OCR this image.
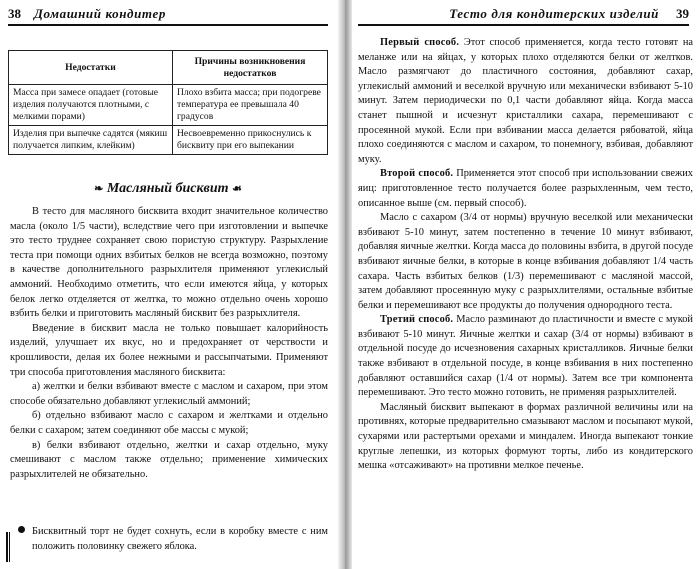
38 Домашний кондитер
Недостатки	Причины возникновения недостатков
Масса при замесе опадает (готовые изделия получаются плотными, с мелкими порами)	Плохо взбита масса; при подогреве температура ее превышала 40 градусов
Изделия при выпечке садятся (мякиш получается липким, клейким)	Несвоевременно прикоснулись к бисквиту при его выпекании
❧ Масляный бисквит ☙

В тесто для масляного бисквита входит значительное количество масла (около 1/5 части), вследствие чего при изготовлении и выпечке это тесто труднее сохраняет свою пористую структуру. Разрыхление теста при помощи одних взбитых белков не всегда возможно, поэтому в качестве дополнительного разрыхлителя применяют углекислый аммоний. Необходимо отметить, что если имеются яйца, у которых белок легко отделяется от желтка, то можно отдельно очень хорошо взбить белки и приготовить масляный бисквит без разрыхлителя.

Введение в бисквит масла не только повышает калорийность изделий, улучшает их вкус, но и предохраняет от черствости и крошливости, делая их более нежными и рассыпчатыми. Применяют три способа приготовления масляного бисквита:

а) желтки и белки взбивают вместе с маслом и сахаром, при этом способе обязательно добавляют углекислый аммоний;

б) отдельно взбивают масло с сахаром и желтками и отдельно белки с сахаром; затем соединяют обе массы с мукой;

в) белки взбивают отдельно, желтки и сахар отдельно, муку смешивают с маслом также отдельно; применение химических разрыхлителей не обязательно.

Бисквитный торт не будет сохнуть, если в коробку вместе с ним положить половинку свежего яблока.
Тесто для кондитерских изделий 39

Первый способ. Этот способ применяется, когда тесто готовят на меланже или на яйцах, у которых плохо отделяются белки от желтков. Масло размягчают до пластичного состояния, добавляют сахар, углекислый аммоний и веселкой вручную или механически взбивают 5-10 минут. Затем периодически по 0,1 части добавляют яйца. Когда масса станет пышной и исчезнут кристаллики сахара, перемешивают с просеянной мукой. Если при взбивании масса делается рябоватой, яйца плохо соединяются с маслом и сахаром, то понемногу, взбивая, добавляют муку.

Второй способ. Применяется этот способ при использовании свежих яиц: приготовленное тесто получается более разрыхленным, чем тесто, описанное выше (см. первый способ).

Масло с сахаром (3/4 от нормы) вручную веселкой или механически взбивают 5-10 минут, затем постепенно в течение 10 минут взбивают, добавляя яичные желтки. Когда масса до половины взбита, в другой посуде взбивают яичные белки, в которые в конце взбивания добавляют 1/4 часть сахара. Часть взбитых белков (1/3) перемешивают с масляной массой, затем добавляют просеянную муку с разрыхлителями, остальные взбитые белки и перемешивают все продукты до получения однородного теста.

Третий способ. Масло разминают до пластичности и вместе с мукой взбивают 5-10 минут. Яичные желтки и сахар (3/4 от нормы) взбивают в отдельной посуде до исчезновения сахарных кристалликов. Яичные белки также взбивают в отдельной посуде, в конце взбивания в них постепенно добавляют оставшийся сахар (1/4 от нормы). Затем все три компонента перемешивают. Это тесто можно готовить, не применяя разрыхлителей.

Масляный бисквит выпекают в формах различной величины или на противнях, которые предварительно смазывают маслом и посыпают мукой, сухарями или растертыми орехами и миндалем. Иногда выпекают тонкие круглые лепешки, из которых формуют торты, либо из кондитерского мешка «отсаживают» на противни мелкое печенье.
